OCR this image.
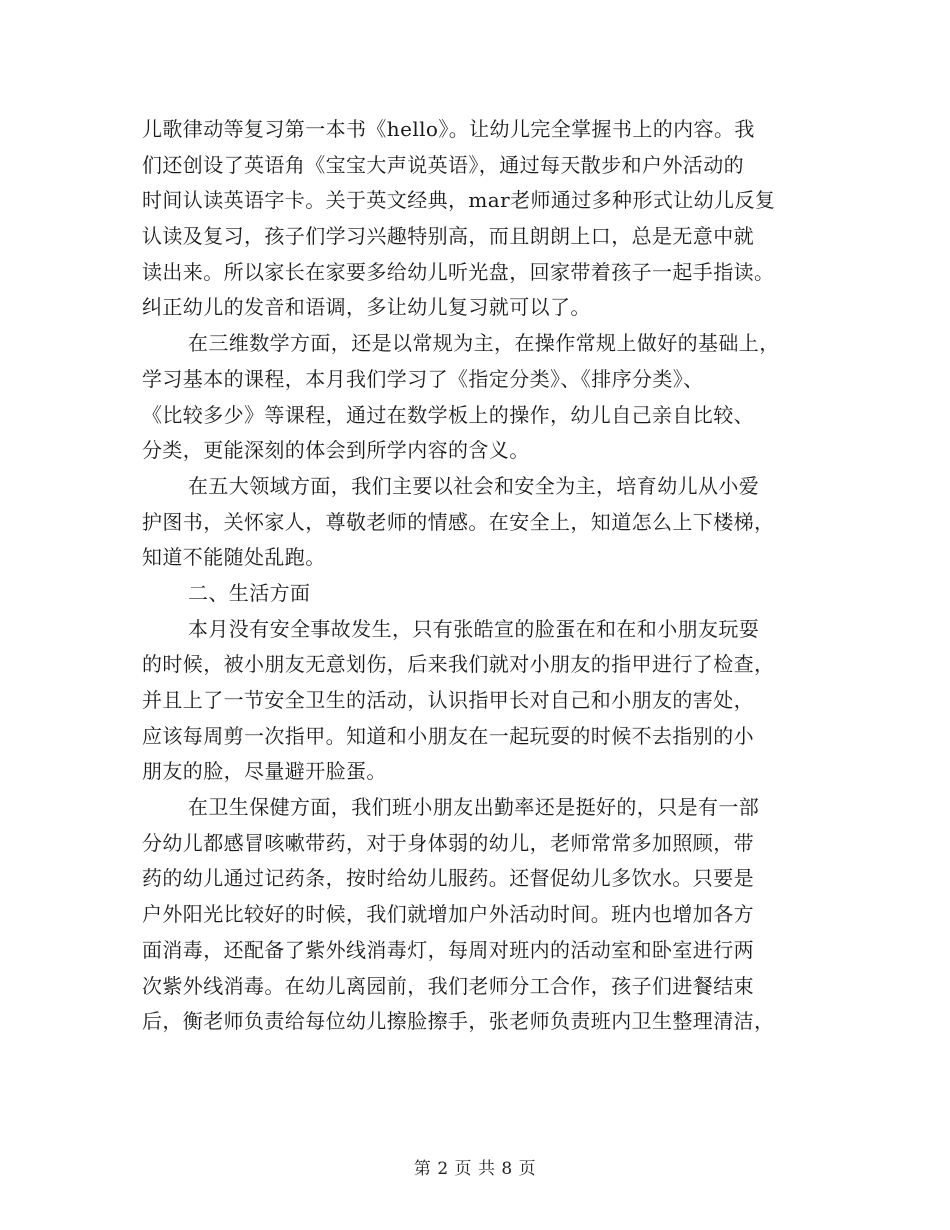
儿歌律动等复习第一本书《hello》。让幼儿完全掌握书上的内容。我
们还创设了英语角《宝宝大声说英语》，通过每天散步和户外活动的
时间认读英语字卡。关于英文经典，mar老师通过多种形式让幼儿反复
认读及复习，孩子们学习兴趣特别高，而且朗朗上口，总是无意中就
读出来。所以家长在家要多给幼儿听光盘，回家带着孩子一起手指读。
纠正幼儿的发音和语调，多让幼儿复习就可以了。
在三维数学方面，还是以常规为主，在操作常规上做好的基础上，
学习基本的课程，本月我们学习了《指定分类》、《排序分类》、
《比较多少》等课程，通过在数学板上的操作，幼儿自己亲自比较、
分类，更能深刻的体会到所学内容的含义。
在五大领域方面，我们主要以社会和安全为主，培育幼儿从小爱
护图书，关怀家人，尊敬老师的情感。在安全上，知道怎么上下楼梯，
知道不能随处乱跑。
二、生活方面
本月没有安全事故发生，只有张皓宣的脸蛋在和在和小朋友玩耍
的时候，被小朋友无意划伤，后来我们就对小朋友的指甲进行了检查，
并且上了一节安全卫生的活动，认识指甲长对自己和小朋友的害处，
应该每周剪一次指甲。知道和小朋友在一起玩耍的时候不去指别的小
朋友的脸，尽量避开脸蛋。
在卫生保健方面，我们班小朋友出勤率还是挺好的，只是有一部
分幼儿都感冒咳嗽带药，对于身体弱的幼儿，老师常常多加照顾，带
药的幼儿通过记药条，按时给幼儿服药。还督促幼儿多饮水。只要是
户外阳光比较好的时候，我们就增加户外活动时间。班内也增加各方
面消毒，还配备了紫外线消毒灯，每周对班内的活动室和卧室进行两
次紫外线消毒。在幼儿离园前，我们老师分工合作，孩子们进餐结束
后，衡老师负责给每位幼儿擦脸擦手，张老师负责班内卫生整理清洁，
第 2 页 共 8 页
